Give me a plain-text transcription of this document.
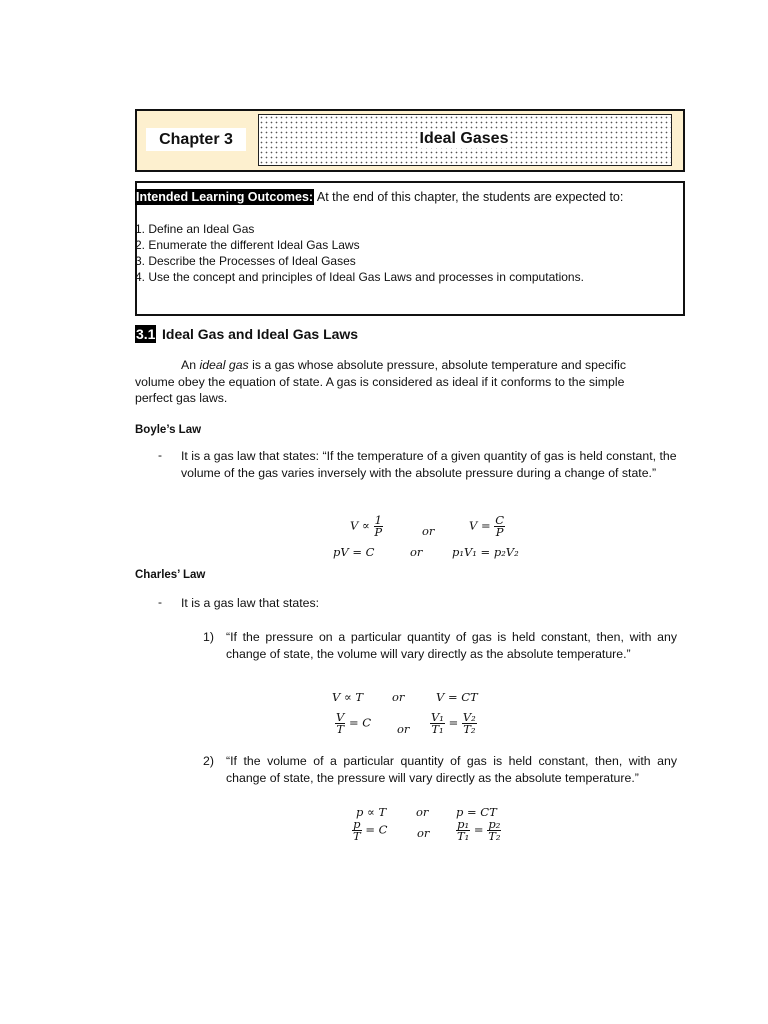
Chapter 3	Ideal Gases
Intended Learning Outcomes: At the end of this chapter, the students are expected to:
1. Define an Ideal Gas
2. Enumerate the different Ideal Gas Laws
3. Describe the Processes of Ideal Gases
4. Use the concept and principles of Ideal Gas Laws and processes in computations.
3.1 Ideal Gas and Ideal Gas Laws
An ideal gas is a gas whose absolute pressure, absolute temperature and specific
volume obey the equation of state. A gas is considered as ideal if it conforms to the simple
perfect gas laws.
Boyle’s Law
- It is a gas law that states: “If the temperature of a given quantity of gas is held constant, the volume of the gas varies inversely with the absolute pressure during a change of state.”
$V \propto \frac{1}{P}$	or	$V = \frac{C}{P}$
pV = C	or	p₁V₁ = p₂V₂
Charles’ Law
- It is a gas law that states:
1) “If the pressure on a particular quantity of gas is held constant, then, with any change of state, the volume will vary directly as the absolute temperature.”
V ∝ T	or	V = CT
$\frac{V}{T} = C$ or $\frac{\text{V₁}}{\text{T₁}} = \frac{\text{V₂}}{\text{T₂}}$
2) “If the volume of a particular quantity of gas is held constant, then, with any change of state, the pressure will vary directly as the absolute temperature.”
p ∝ T	or p = CT
$\frac{p}{T} = C$	or $\frac{\text{p₁}}{\text{T₁}} = \frac{\text{p₂}}{\text{T₂}}$
